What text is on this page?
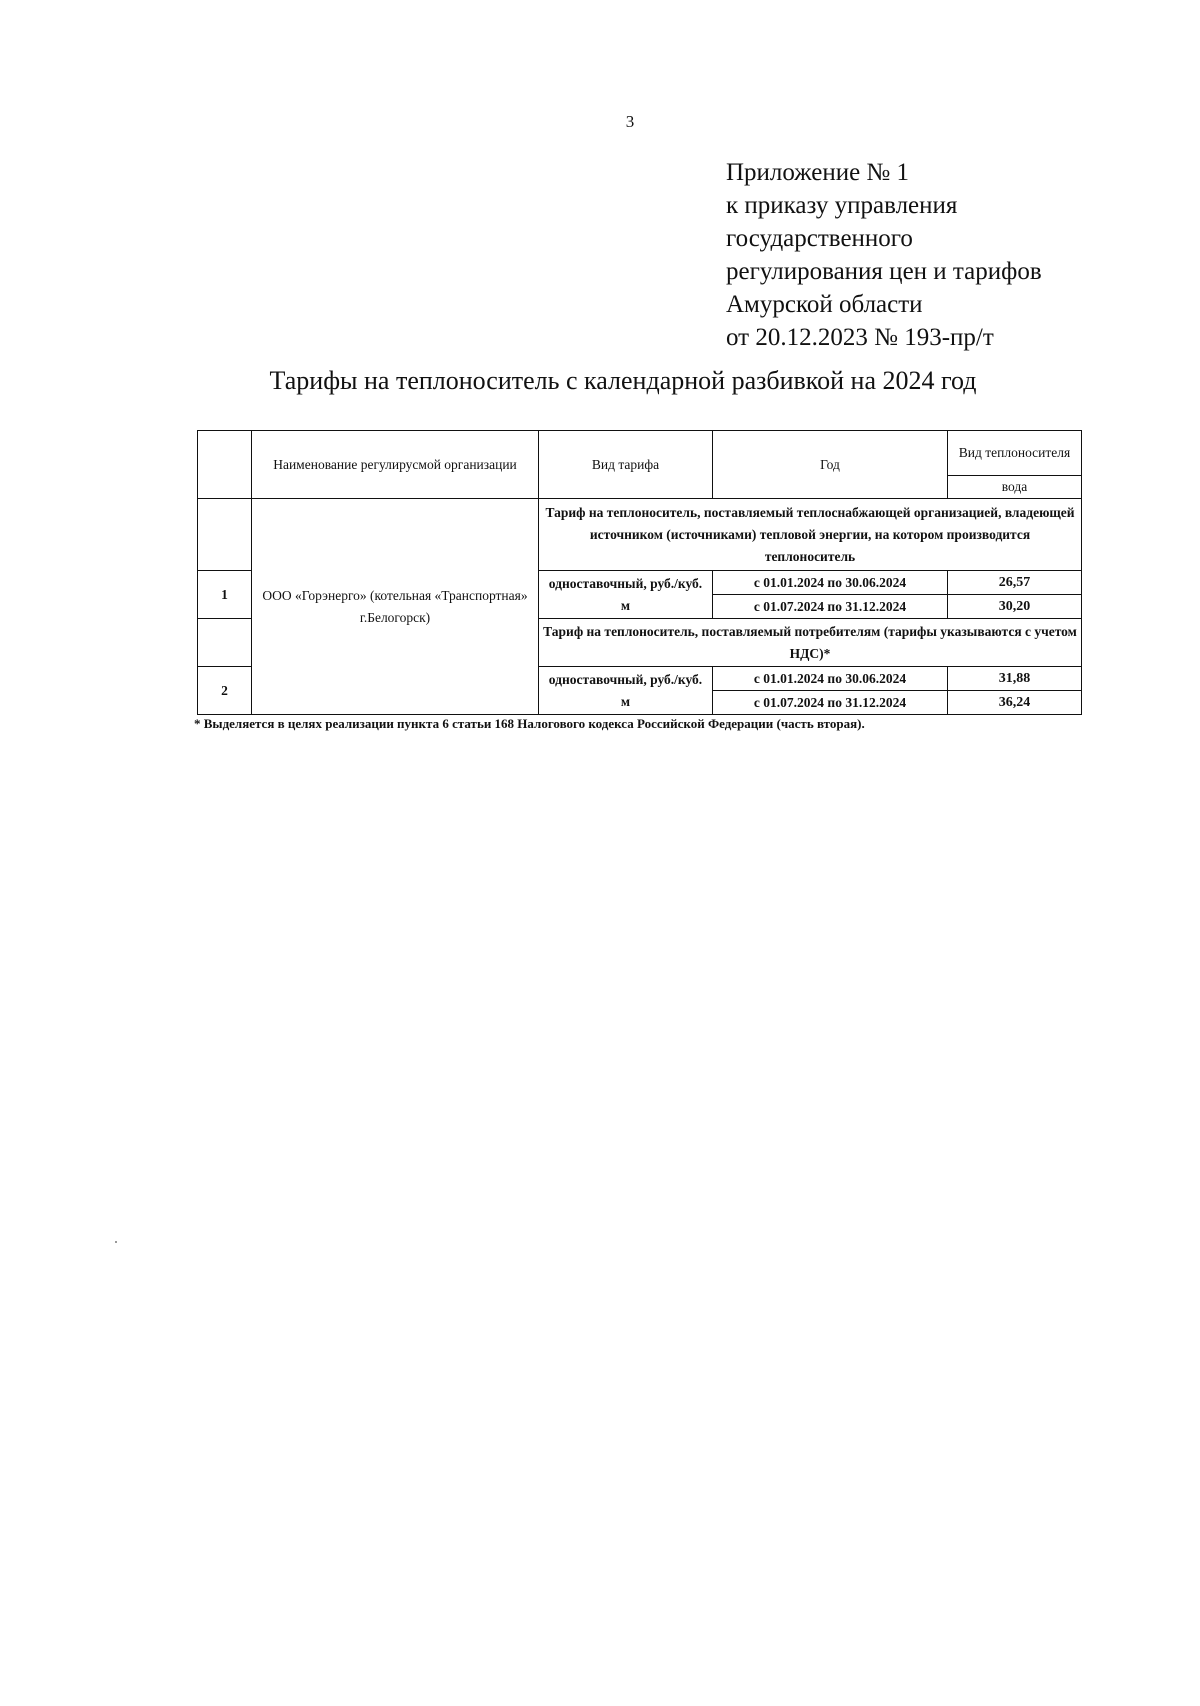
3
Приложение № 1
к приказу управления
государственного
регулирования цен и тарифов
Амурской области
от 20.12.2023 № 193-пр/т
Тарифы на теплоноситель с календарной разбивкой на 2024 год
	Наименование регулирусмой организации	Вид тарифа	Год	Вид теплоносителя
				вода
	ООО «Горэнерго» (котельная «Транспортная» г.Белогорск)	Тариф на теплоноситель, поставляемый теплоснабжающей организацией, владеющей источником (источниками) тепловой энергии, на котором производится теплоноситель		
1		одноставочный, руб./куб. м	с 01.01.2024 по 30.06.2024	26,57
			с 01.07.2024 по 31.12.2024	30,20
		Тариф на теплоноситель, поставляемый потребителям (тарифы указываются с учетом НДС)*		
2		одноставочный, руб./куб. м	с 01.01.2024 по 30.06.2024	31,88
			с 01.07.2024 по 31.12.2024	36,24
* Выделяется в целях реализации пункта 6 статьи 168 Налогового кодекса Российской Федерации (часть вторая).
